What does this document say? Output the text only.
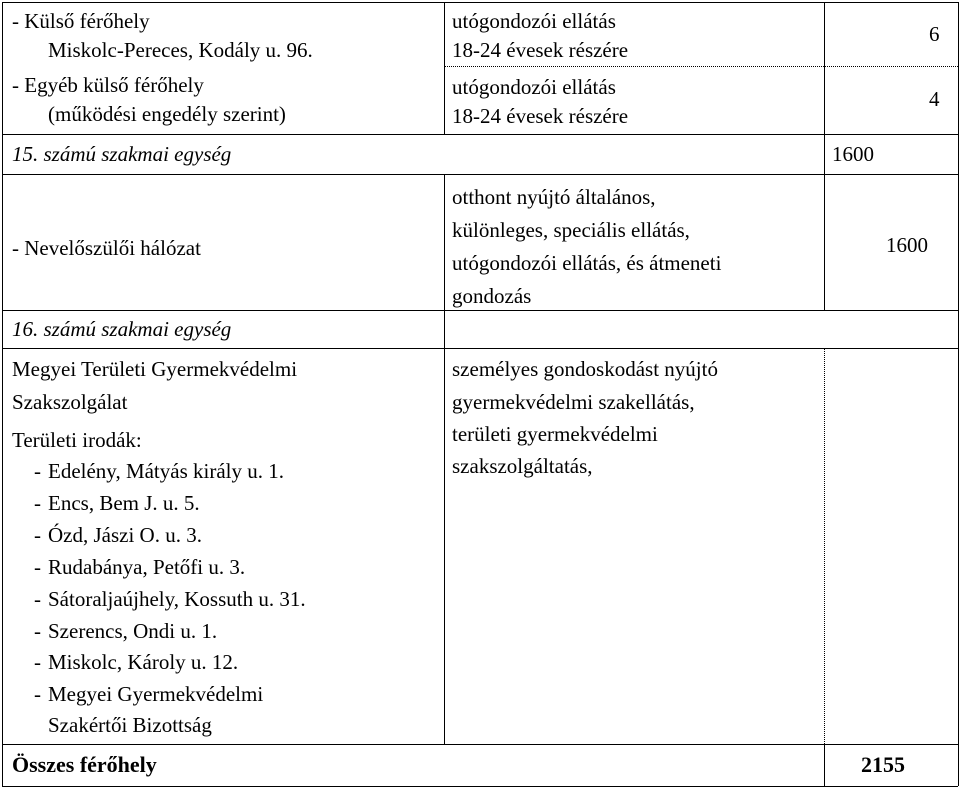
- Külső férőhely
Miskolc-Pereces, Kodály u. 96.
utógondozói ellátás
18-24 évesek részére
6
- Egyéb külső férőhely
(működési engedély szerint)
utógondozói ellátás
18-24 évesek részére
4
15. számú szakmai egység	1600
- Nevelőszülői hálózat
otthont nyújtó általános,
különleges, speciális ellátás,
utógondozói ellátás, és átmeneti
gondozás
1600
16. számú szakmai egység
Megyei Területi Gyermekvédelmi
Szakszolgálat
Területi irodák:
- Edelény, Mátyás király u. 1.
- Encs, Bem J. u. 5.
- Ózd, Jászi O. u. 3.
- Rudabánya, Petőfi u. 3.
- Sátoraljaújhely, Kossuth u. 31.
- Szerencs, Ondi u. 1.
- Miskolc, Károly u. 12.
- Megyei Gyermekvédelmi
Szakértői Bizottság
személyes gondoskodást nyújtó
gyermekvédelmi szakellátás,
területi gyermekvédelmi
szakszolgáltatás,
Összes férőhely	2155
